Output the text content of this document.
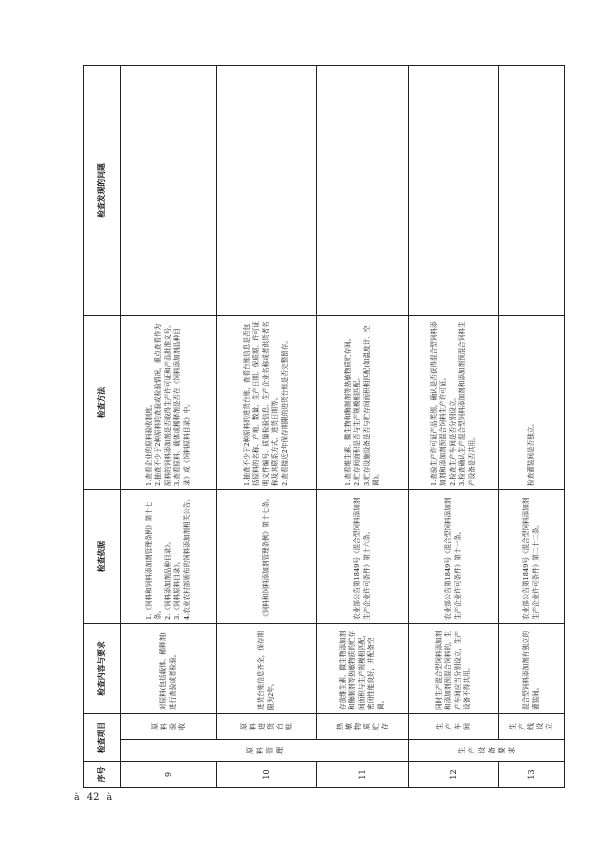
序号	检查项目		检查内容与要求	检查依据	检查方法	检查发现的问题
9	原料管理	原料验收	对原料(包括载体、稀释剂)进行查验或者检验。	1.《饲料和饲料添加剂管理条例》第十七条。 2.《饲料添加剂品种目录》。 3.《饲料原料目录》。 4.农业农村部颁布的饲料添加剂相关公告。	1.查看企业的原料验收制度。 2.抽查不少于2种原料的查验或检验情况，重点查看作为原料的饲料添加剂是否取得生产许可证和产品批准文号。 3.查看原料、载体或稀释剂是否在《饲料添加剂品种目录》或《饲料原料目录》中。	

10		原料进货台账	进货台账信息齐全，保存期限为2年。	《饲料和饲料添加剂管理条例》第十七条。	1.抽查不少于2种原料的进货台账，查看台账信息是否包括原料的名称、产地、数量、生产日期、保质期、许可证明文件编号、质量检验信息、生产企业名称或者供货者名称及其联系方式、进货日期等。 2.查看接近2年保存期限的进货台账是否完整留存。	

11		热敏物质贮存	存放维生素、微生物添加剂和酶制剂等热敏物质的贮存间面积与生产规模相匹配，密闭性能良好，并配备空调。	农业部公告第1849号《混合型饲料添加剂生产企业许可条件》第十六条。	1.查看维生素、微生物和酶制剂等热敏物质贮存间。 2.贮存间面积是否与生产规模相匹配。 3.贮存设施设备是否与贮存间面积相匹配(如温度计、空调)。	

12	生产设备要求	生产车间	同时生产混合型饲料添加剂和添加剂预混合饲料的，生产车间应当分别设立，生产设备不得共用。	农业部公告第1849号《混合型饲料添加剂生产企业许可条件》第十一条。	1.查验生产许可证产品类别，确认是否获得混合型饲料添加剂和添加剂预混合饲料生产许可证。 2.检查生产车间是否分别设立。 3.检查确认生产混合型饲料添加剂和添加剂预混合饲料生产设备是否共用。	

13		生产线设立	混合型饲料添加剂有独立的灌装间。	农业部公告第1849号《混合型饲料添加剂生产企业许可条件》第二十二条。	检查灌装间是否独立。	

à 42 à
